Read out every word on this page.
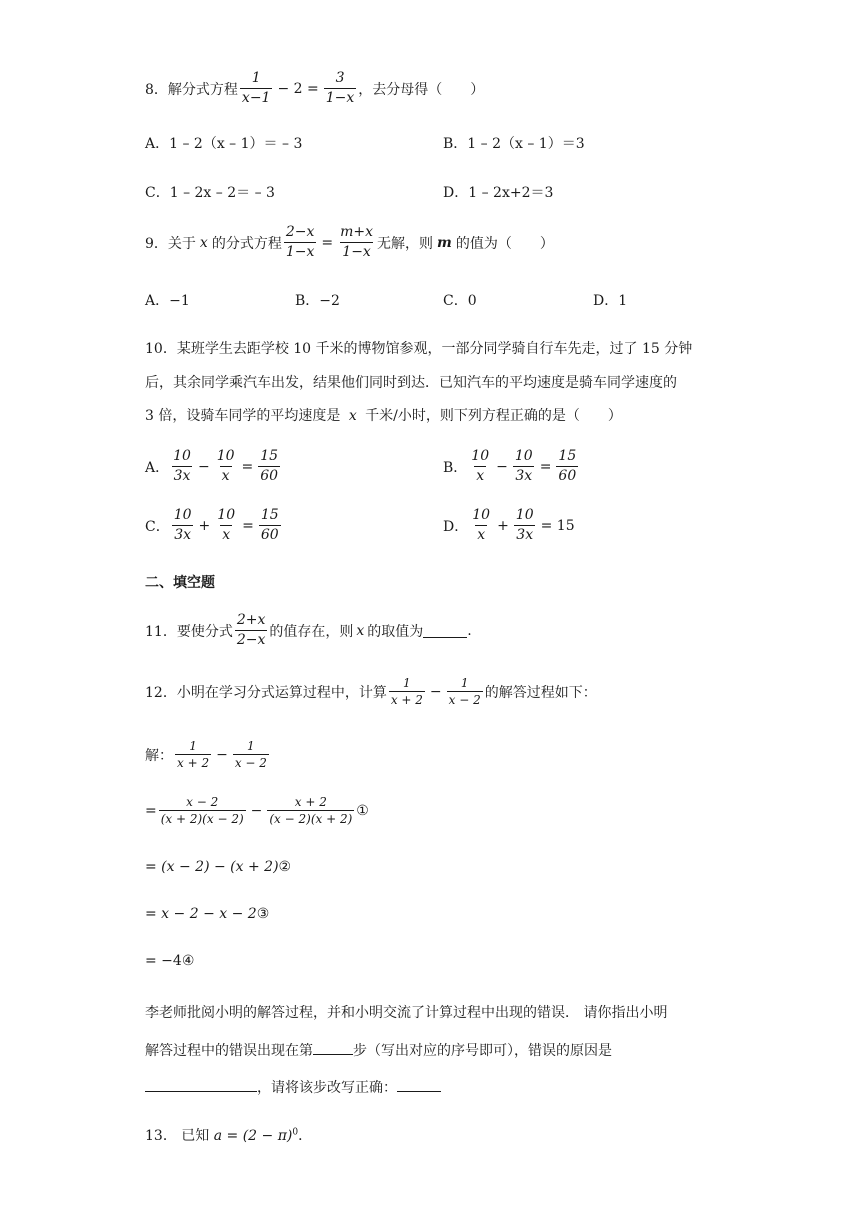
8． 解分式方程 $\frac{1}{x-1} - 2 = \frac{3}{1-x}$ ，去分母得（　　）
A．1 – 2（x – 1）＝ – 3	B．1 – 2（x – 1）＝3
C．1 – 2x – 2＝ – 3	D．1 – 2x+2＝3
9． 关于 x 的分式方程 $\frac{2-x}{1-x} = \frac{m+x}{1-x}$ 无解，则 m 的值为（　　）
A．−1	B．−2	C．0	D．1
10．某班学生去距学校 10 千米的博物馆参观，一部分同学骑自行车先走，过了 15 分钟
后，其余同学乘汽车出发，结果他们同时到达．已知汽车的平均速度是骑车同学速度的
3 倍，设骑车同学的平均速度是 x 千米/小时，则下列方程正确的是（　　）
A． $\frac{10}{3x} - \frac{10}{x} = \frac{15}{60}$	B． $\frac{10}{x} - \frac{10}{3x} = \frac{15}{60}$
C． $\frac{10}{3x} + \frac{10}{x} = \frac{15}{60}$	D． $\frac{10}{x} + \frac{10}{3x} = 15$
二、填空题
11． 要使分式 $\frac{2+x}{2-x}$ 的值存在，则 x 的取值为	.
12． 小明在学习分式运算过程中，计算 $\frac{1}{x + 2} - \frac{1}{x - 2}$ 的解答过程如下：
解： $\frac{1}{x + 2} - \frac{1}{x - 2}$
= $\frac{x - 2}{(x + 2)(x - 2)} - \frac{x + 2}{(x - 2)(x + 2)}$ ①
= (x − 2) − (x + 2)②
= x − 2 − x − 2③
= −4④
李老师批阅小明的解答过程，并和小明交流了计算过程中出现的错误． 请你指出小明
解答过程中的错误出现在第	步（写出对应的序号即可），错误的原因是
，请将该步改写正确：
13． 已知 $a = (2 - \pi)^0$．
